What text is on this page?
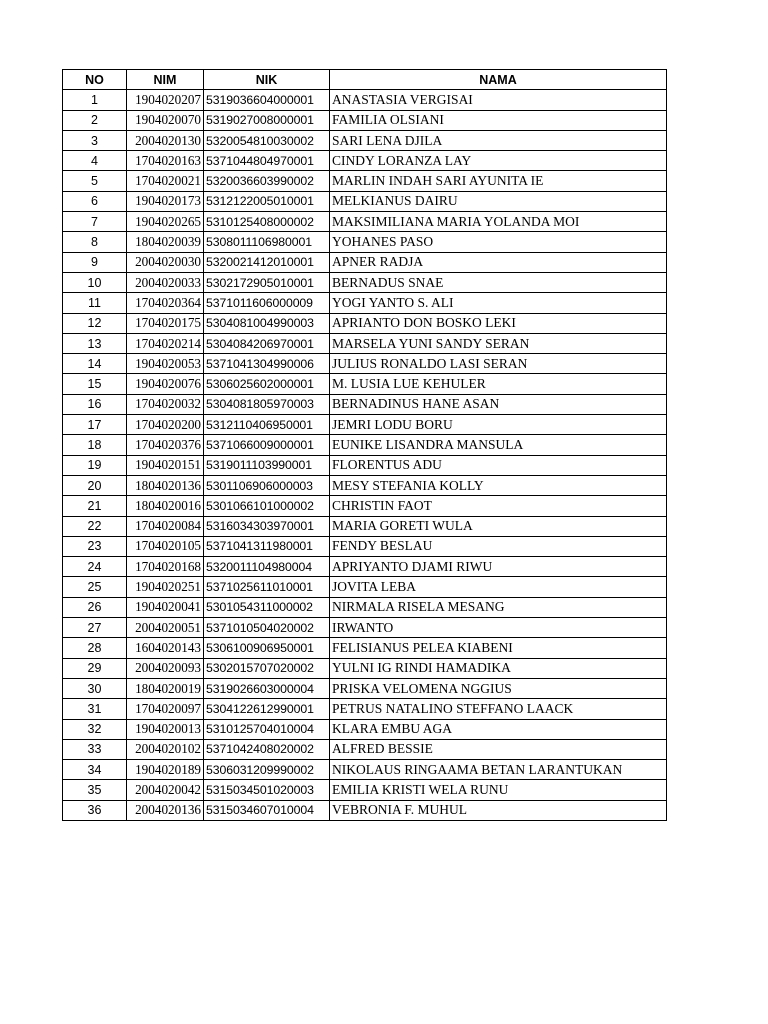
NO	NIM	NIK	NAMA
1	1904020207	5319036604000001	ANASTASIA VERGISAI
2	1904020070	5319027008000001	FAMILIA OLSIANI
3	2004020130	5320054810030002	SARI LENA DJILA
4	1704020163	5371044804970001	CINDY LORANZA LAY
5	1704020021	5320036603990002	MARLIN INDAH SARI AYUNITA IE
6	1904020173	5312122005010001	MELKIANUS DAIRU
7	1904020265	5310125408000002	MAKSIMILIANA MARIA YOLANDA MOI
8	1804020039	5308011106980001	YOHANES PASO
9	2004020030	5320021412010001	APNER RADJA
10	2004020033	5302172905010001	BERNADUS SNAE
11	1704020364	5371011606000009	YOGI YANTO S. ALI
12	1704020175	5304081004990003	APRIANTO DON BOSKO LEKI
13	1704020214	5304084206970001	MARSELA YUNI SANDY SERAN
14	1904020053	5371041304990006	JULIUS RONALDO LASI SERAN
15	1904020076	5306025602000001	M. LUSIA LUE KEHULER
16	1704020032	5304081805970003	BERNADINUS HANE ASAN
17	1704020200	5312110406950001	JEMRI LODU BORU
18	1704020376	5371066009000001	EUNIKE LISANDRA MANSULA
19	1904020151	5319011103990001	FLORENTUS ADU
20	1804020136	5301106906000003	MESY STEFANIA KOLLY
21	1804020016	5301066101000002	CHRISTIN FAOT
22	1704020084	5316034303970001	MARIA GORETI WULA
23	1704020105	5371041311980001	FENDY BESLAU
24	1704020168	5320011104980004	APRIYANTO DJAMI RIWU
25	1904020251	5371025611010001	JOVITA LEBA
26	1904020041	5301054311000002	NIRMALA RISELA MESANG
27	2004020051	5371010504020002	IRWANTO
28	1604020143	5306100906950001	FELISIANUS PELEA KIABENI
29	2004020093	5302015707020002	YULNI IG RINDI HAMADIKA
30	1804020019	5319026603000004	PRISKA VELOMENA NGGIUS
31	1704020097	5304122612990001	PETRUS NATALINO STEFFANO LAACK
32	1904020013	5310125704010004	KLARA EMBU AGA
33	2004020102	5371042408020002	ALFRED BESSIE
34	1904020189	5306031209990002	NIKOLAUS RINGAAMA BETAN LARANTUKAN
35	2004020042	5315034501020003	EMILIA KRISTI WELA RUNU
36	2004020136	5315034607010004	VEBRONIA F. MUHUL
